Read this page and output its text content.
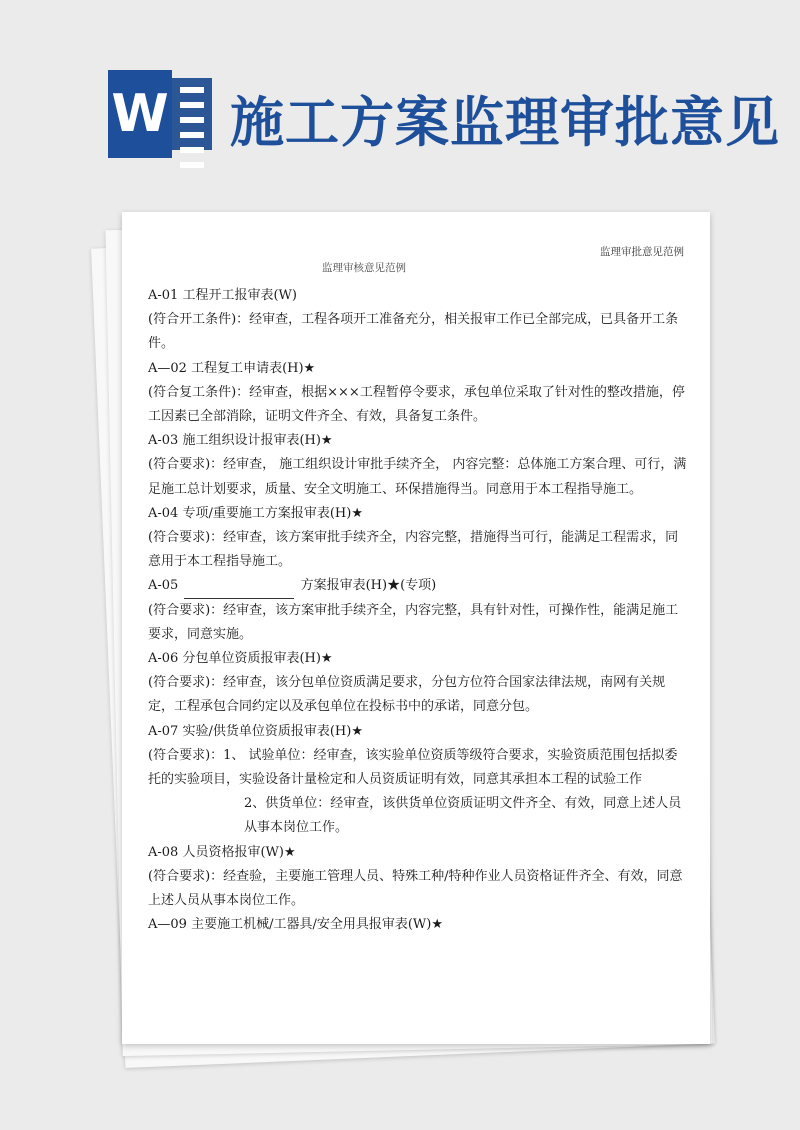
W 施工方案监理审批意见
监理审批意见范例
监理审核意见范例

A-01 工程开工报审表(W)

(符合开工条件)：经审查，工程各项开工准备充分，相关报审工作已全部完成，已具备开工条件。

A—02 工程复工申请表(H)★

(符合复工条件)：经审查，根据×××工程暂停令要求，承包单位采取了针对性的整改措施，停工因素已全部消除，证明文件齐全、有效，具备复工条件。

A-03 施工组织设计报审表(H)★

(符合要求)：经审查， 施工组织设计审批手续齐全， 内容完整：总体施工方案合理、可行，满足施工总计划要求，质量、安全文明施工、环保措施得当。同意用于本工程指导施工。

A-04 专项/重要施工方案报审表(H)★

(符合要求)：经审查，该方案审批手续齐全，内容完整，措施得当可行，能满足工程需求，同意用于本工程指导施工。

A-05	方案报审表(H)★(专项)

(符合要求)：经审查，该方案审批手续齐全，内容完整，具有针对性，可操作性，能满足施工要求，同意实施。

A-06 分包单位资质报审表(H)★

(符合要求)：经审查，该分包单位资质满足要求，分包方位符合国家法律法规，南网有关规定，工程承包合同约定以及承包单位在投标书中的承诺，同意分包。

A-07 实验/供货单位资质报审表(H)★

(符合要求)：1、 试验单位：经审查，该实验单位资质等级符合要求，实验资质范围包括拟委托的实验项目，实验设备计量检定和人员资质证明有效，同意其承担本工程的试验工作

2、供货单位：经审查，该供货单位资质证明文件齐全、有效，同意上述人员从事本岗位工作。

A-08 人员资格报审(W)★

(符合要求)：经查验，主要施工管理人员、特殊工种/特种作业人员资格证件齐全、有效，同意上述人员从事本岗位工作。

A—09 主要施工机械/工器具/安全用具报审表(W)★
